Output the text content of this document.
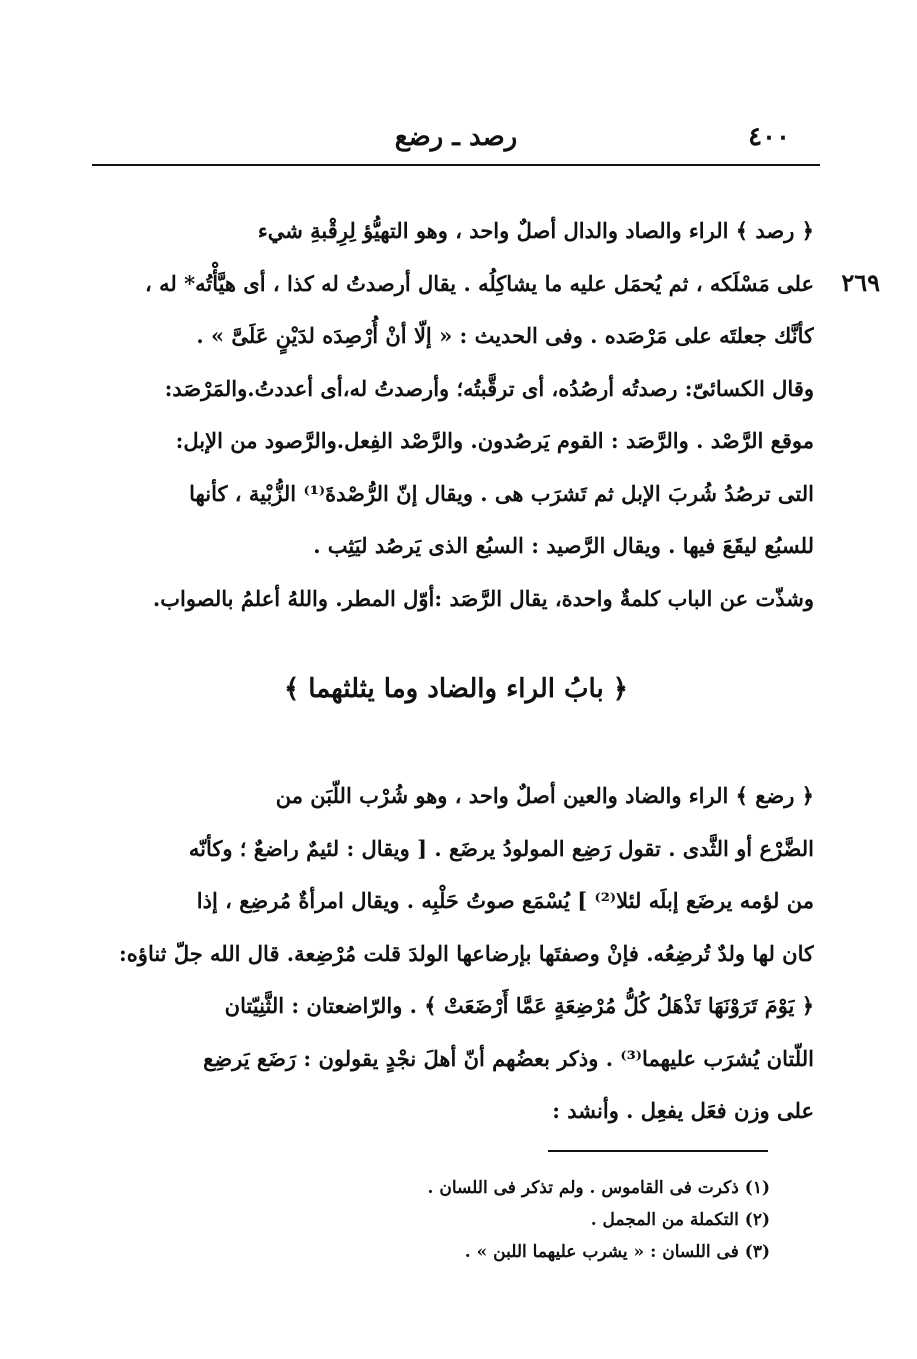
٤٠٠
رصد ـ رضع
٢٦٩
﴿ رصد ﴾ الراء والصاد والدال أصلٌ واحد ، وهو التهيُّؤ لِرِقْبةِ شيء
على مَسْلَكه ، ثم يُحمَل عليه ما يشاكِلُه . يقال أرصدتُ له كذا ، أى هيَّأْتُه* له ،
كأنَّك جعلتَه على مَرْصَده . وفى الحديث : « إلّا أنْ أُرْصِدَه لدَيْنٍ عَلَىَّ » .
وقال الكسائىّ: رصدتُه أرصُدُه، أى ترقَّبتُه؛ وأرصدتُ له،أى أعددتُ.والمَرْصَد:
موقع الرَّصْد . والرَّصَد : القوم يَرصُدون. والرَّصْد الفِعل.والرَّصود من الإبل:
التى ترصُدُ شُربَ الإبل ثم تَشرَب هى . ويقال إنّ الرُّصْدةَ⁽¹⁾ الزُّبْية ، كأنها
للسبُع ليقَعَ فيها . ويقال الرَّصيد : السبُع الذى يَرصُد ليَثِب .
وشذّت عن الباب كلمةٌ واحدة، يقال الرَّصَد :أوّل المطر. واللهُ أعلمُ بالصواب.
﴿ بابُ الراء والضاد وما يثلثهما ﴾
﴿ رضع ﴾ الراء والضاد والعين أصلٌ واحد ، وهو شُرْب اللّبَن من
الضَّرْع أو الثَّدى . تقول رَضِع المولودُ يرضَع . [ ويقال : لئيمٌ راضعٌ ؛ وكأنّه
من لؤمه يرضَع إبلَه لئلا⁽²⁾ ] يُسْمَع صوتُ حَلْبِه . ويقال امرأةٌ مُرضِع ، إذا
كان لها ولدٌ تُرضِعُه. فإنْ وصفتَها بإرضاعها الولدَ قلت مُرْضِعة. قال الله جلّ ثناؤه:
﴿ يَوْمَ تَرَوْنَهَا تَذْهَلُ كُلُّ مُرْضِعَةٍ عَمَّا أَرْضَعَتْ ﴾ . والرّاضعتان : الثَّنِيّتان
اللّتان يُشرَب عليهما⁽³⁾ . وذكر بعضُهم أنّ أهلَ نجْدٍ يقولون : رَضَع يَرضِع
على وزن فعَل يفعِل . وأنشد :
(١) ذكرت فى القاموس . ولم تذكر فى اللسان .
(٢) التكملة من المجمل .
(٣) فى اللسان : « يشرب عليهما اللبن » .
